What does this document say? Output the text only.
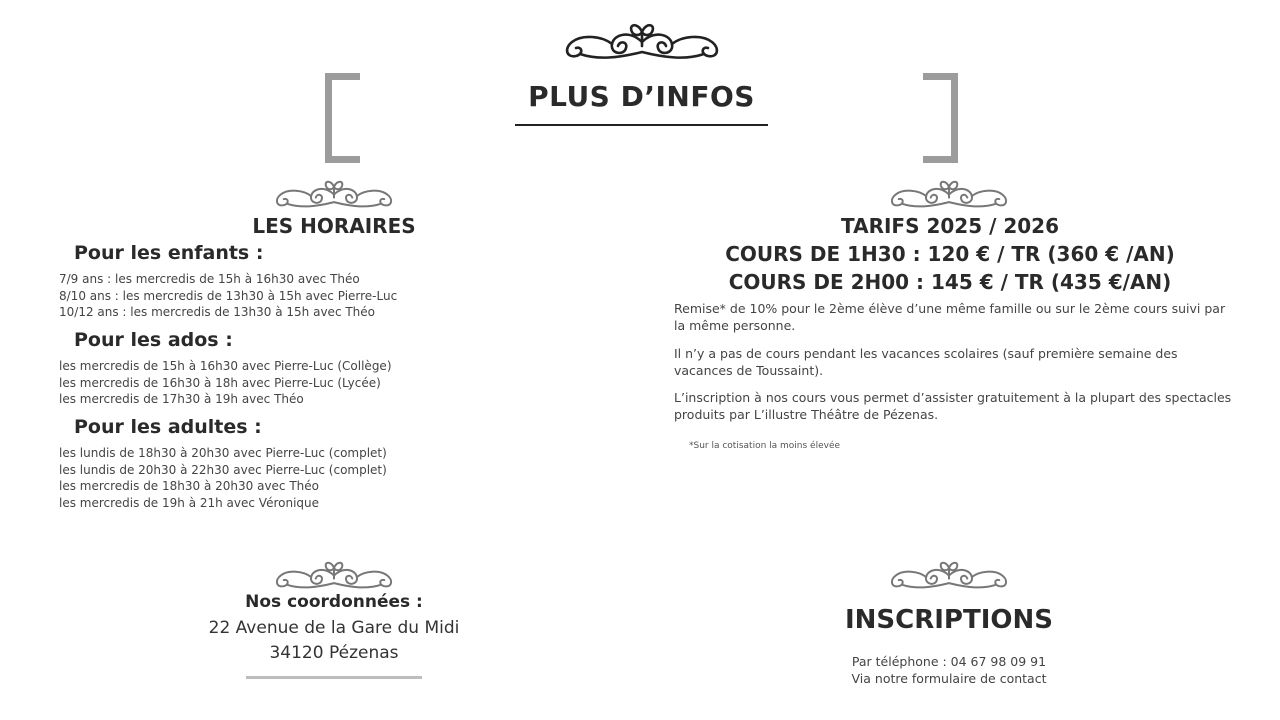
PLUS D’INFOS
LES HORAIRES
Pour les enfants :
7/9 ans : les mercredis de 15h à 16h30 avec Théo
8/10 ans : les mercredis de 13h30 à 15h avec Pierre-Luc
10/12 ans : les mercredis de 13h30 à 15h avec Théo
Pour les ados :
les mercredis de 15h à 16h30 avec Pierre-Luc (Collège)
les mercredis de 16h30 à 18h avec Pierre-Luc (Lycée)
les mercredis de 17h30 à 19h avec Théo
Pour les adultes :
les lundis de 18h30 à 20h30 avec Pierre-Luc (complet)
les lundis de 20h30 à 22h30 avec Pierre-Luc (complet)
les mercredis de 18h30 à 20h30 avec Théo
les mercredis de 19h à 21h avec Véronique
TARIFS 2025 / 2026
COURS DE 1H30 : 120 € / TR (360 € /AN)
COURS DE 2H00 : 145 € / TR (435 €/AN)
Remise* de 10% pour le 2ème élève d’une même famille ou sur le 2ème cours suivi par la même personne.
Il n’y a pas de cours pendant les vacances scolaires (sauf première semaine des vacances de Toussaint).
L’inscription à nos cours vous permet d’assister gratuitement à la plupart des spectacles produits par L’illustre Théâtre de Pézenas.
*Sur la cotisation la moins élevée
Nos coordonnées :
22 Avenue de la Gare du Midi
34120 Pézenas
INSCRIPTIONS
Par téléphone : 04 67 98 09 91
Via notre formulaire de contact
